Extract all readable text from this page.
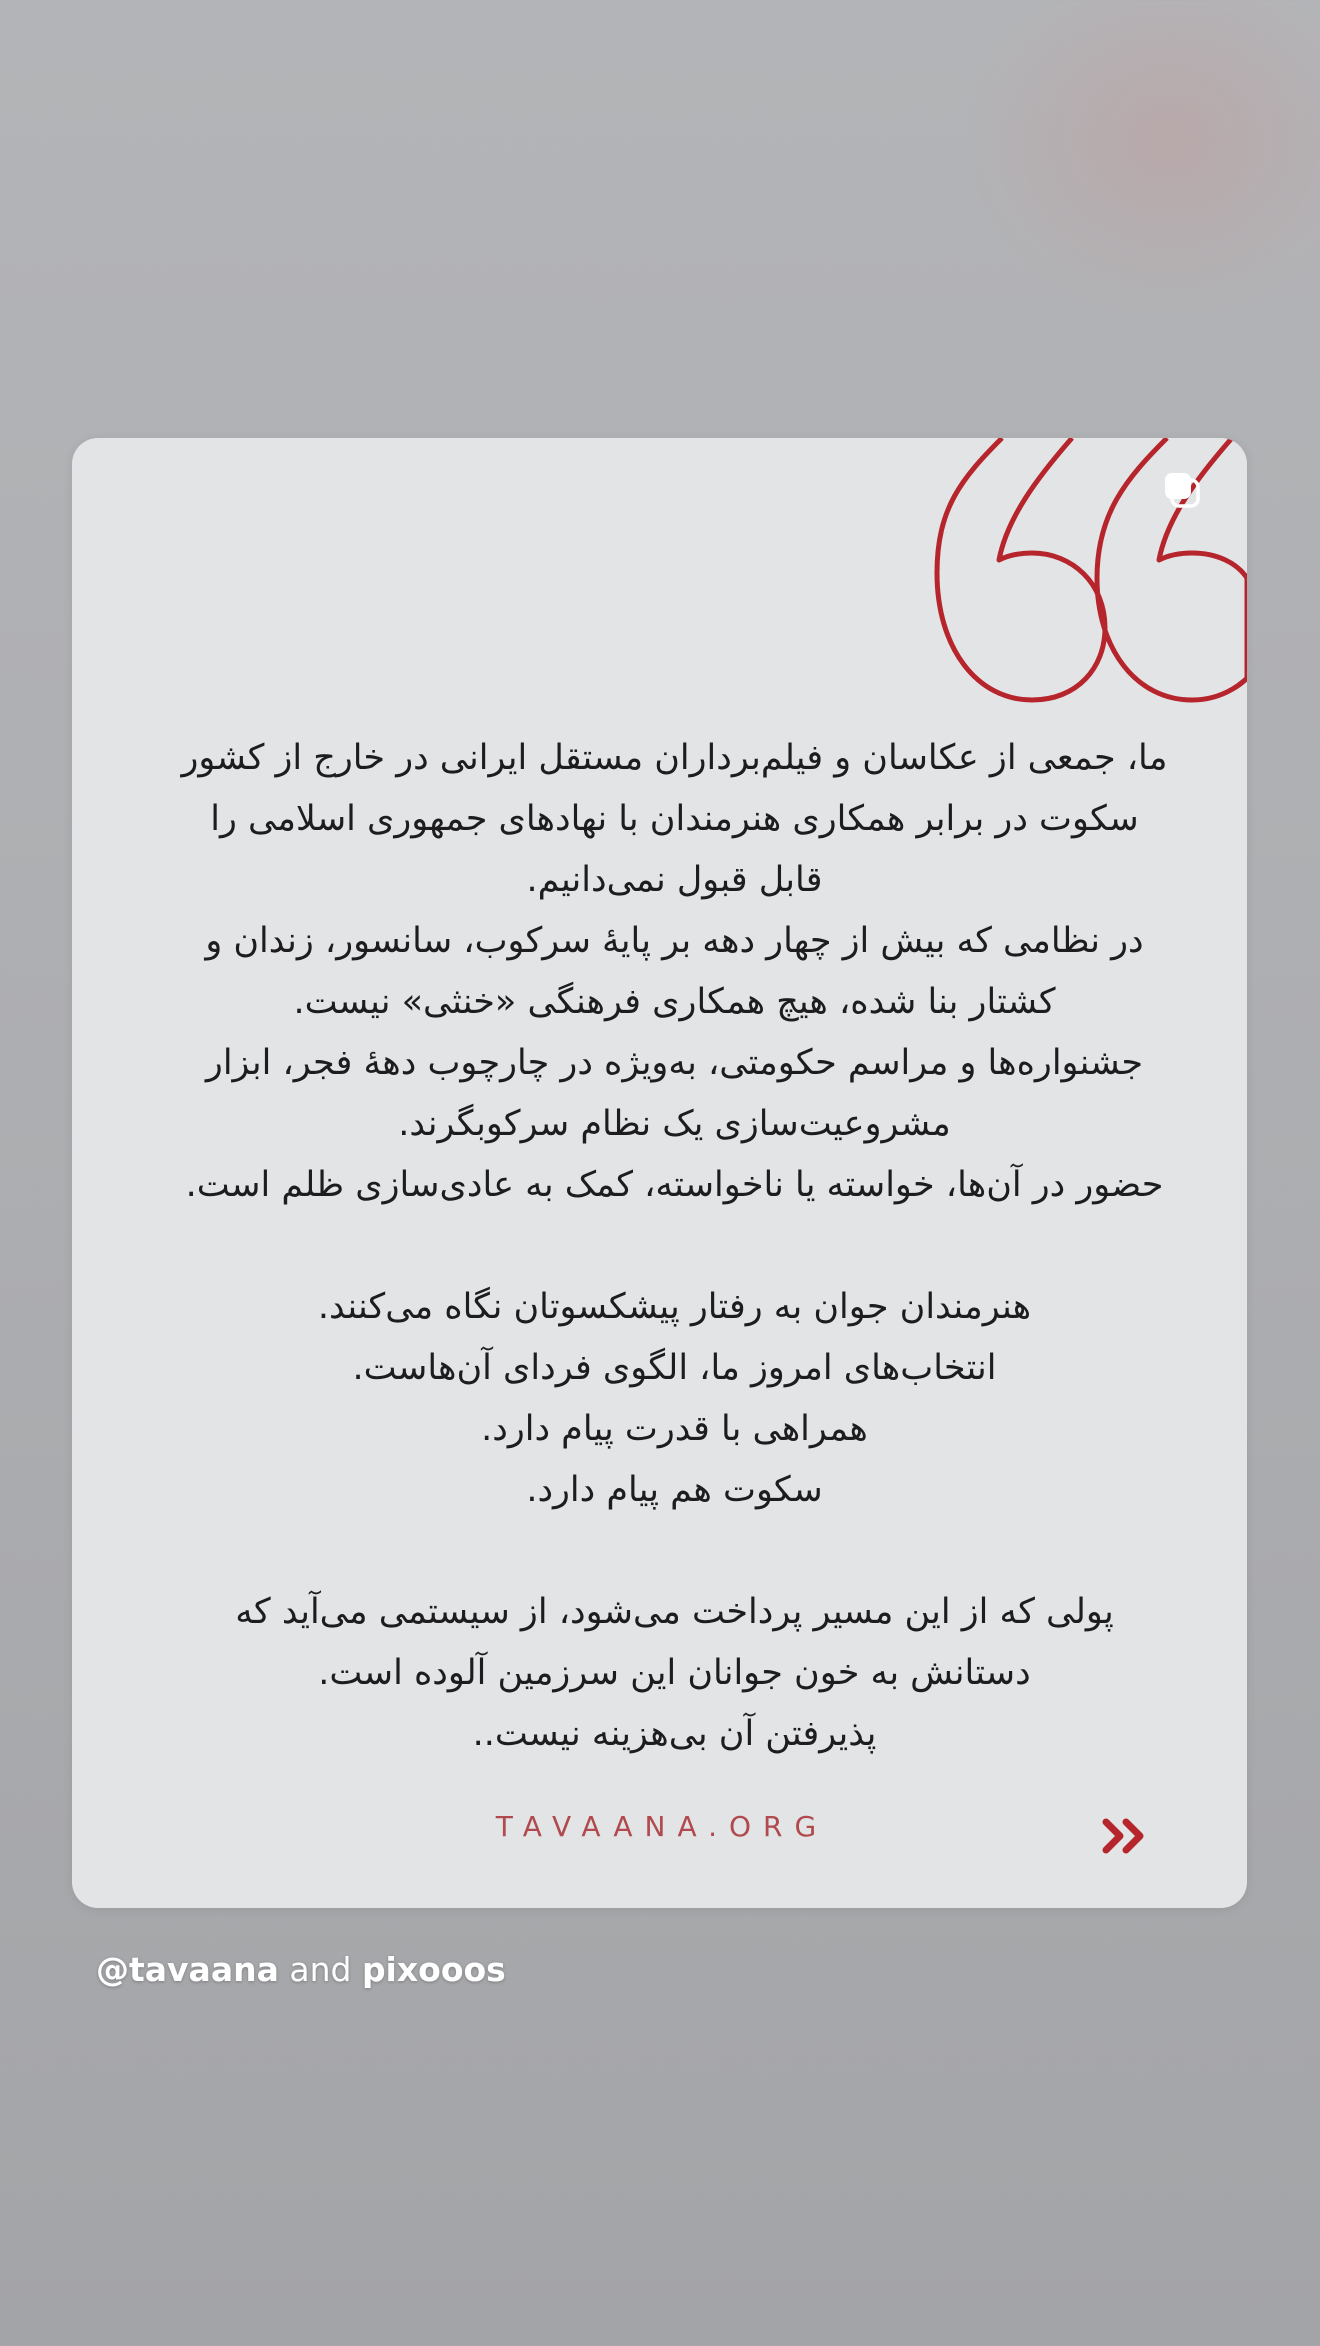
ما، جمعی از عکاسان و فیلم‌برداران مستقل ایرانی در خارج از کشور
سکوت در برابر همکاری هنرمندان با نهادهای جمهوری اسلامی را
قابل قبول نمی‌دانیم.
در نظامی که بیش از چهار دهه بر پایهٔ سرکوب، سانسور، زندان و
کشتار بنا شده، هیچ همکاری فرهنگی «خنثی» نیست.
جشنواره‌ها و مراسم حکومتی، به‌ویژه در چارچوب دههٔ فجر، ابزار
مشروعیت‌سازی یک نظام سرکوبگرند.
حضور در آن‌ها، خواسته یا ناخواسته، کمک به عادی‌سازی ظلم است.
هنرمندان جوان به رفتار پیشکسوتان نگاه می‌کنند.
انتخاب‌های امروز ما، الگوی فردای آن‌هاست.
همراهی با قدرت پیام دارد.
سکوت هم پیام دارد.
پولی که از این مسیر پرداخت می‌شود، از سیستمی می‌آید که
دستانش به خون جوانان این سرزمین آلوده است.
پذیرفتن آن بی‌هزینه نیست..
TAVAANA.ORG
@tavaana and pixooos
